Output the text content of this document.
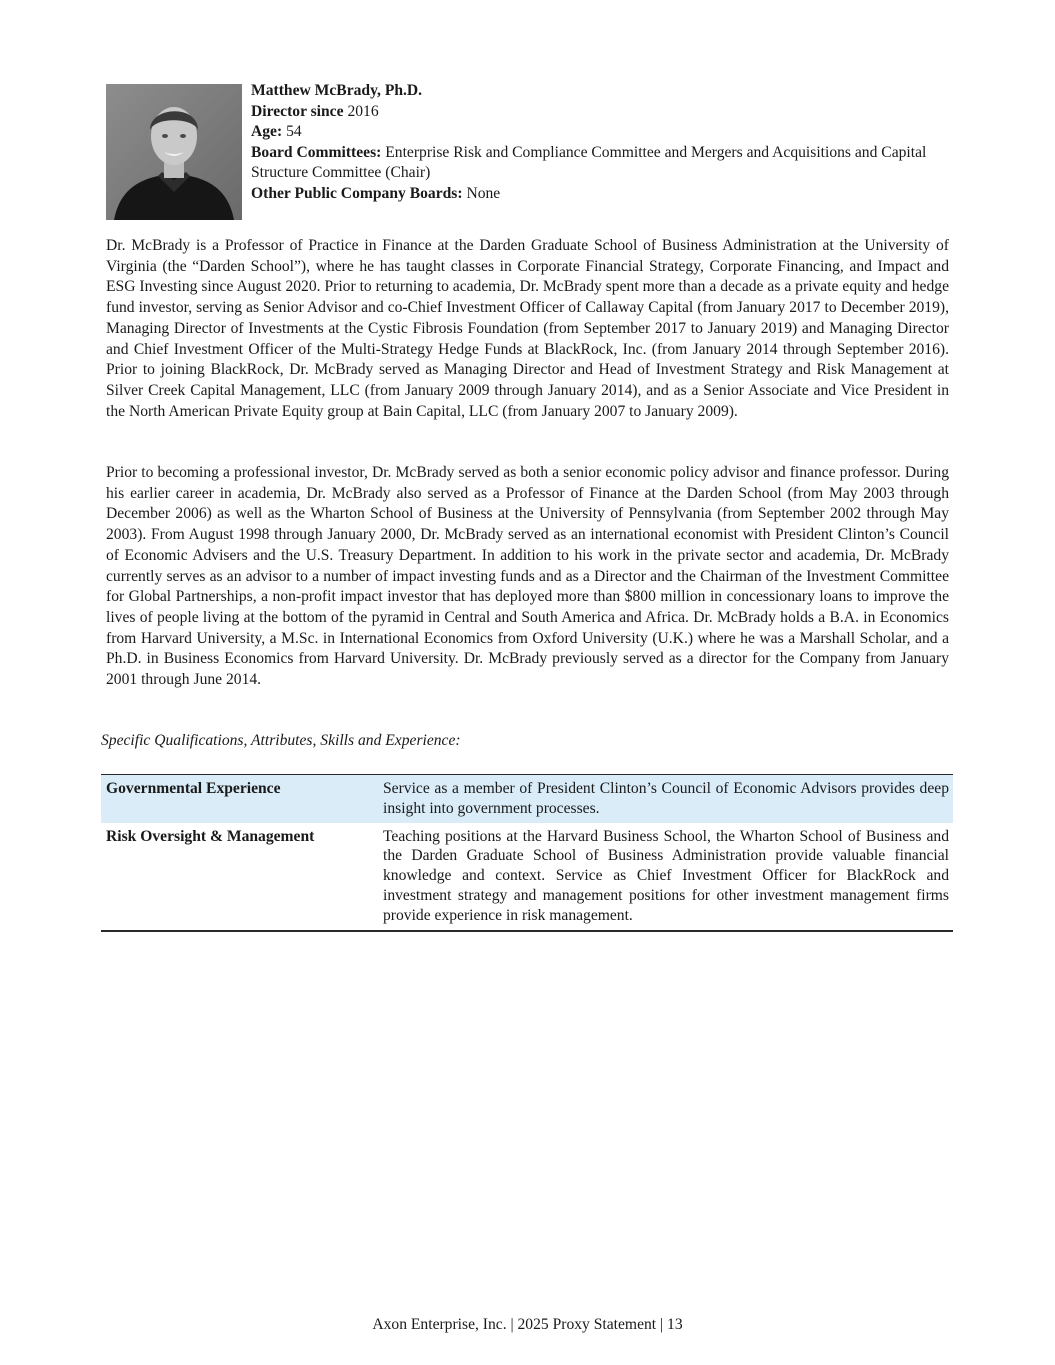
Matthew McBrady, Ph.D.
Director since 2016
Age: 54
Board Committees: Enterprise Risk and Compliance Committee and Mergers and Acquisitions and Capital Structure Committee (Chair)
Other Public Company Boards: None

Dr. McBrady is a Professor of Practice in Finance at the Darden Graduate School of Business Administration at the University of Virginia (the “Darden School”), where he has taught classes in Corporate Financial Strategy, Corporate Financing, and Impact and ESG Investing since August 2020. Prior to returning to academia, Dr. McBrady spent more than a decade as a private equity and hedge fund investor, serving as Senior Advisor and co-Chief Investment Officer of Callaway Capital (from January 2017 to December 2019), Managing Director of Investments at the Cystic Fibrosis Foundation (from September 2017 to January 2019) and Managing Director and Chief Investment Officer of the Multi-Strategy Hedge Funds at BlackRock, Inc. (from January 2014 through September 2016). Prior to joining BlackRock, Dr. McBrady served as Managing Director and Head of Investment Strategy and Risk Management at Silver Creek Capital Management, LLC (from January 2009 through January 2014), and as a Senior Associate and Vice President in the North American Private Equity group at Bain Capital, LLC (from January 2007 to January 2009).

Prior to becoming a professional investor, Dr. McBrady served as both a senior economic policy advisor and finance professor. During his earlier career in academia, Dr. McBrady also served as a Professor of Finance at the Darden School (from May 2003 through December 2006) as well as the Wharton School of Business at the University of Pennsylvania (from September 2002 through May 2003). From August 1998 through January 2000, Dr. McBrady served as an international economist with President Clinton’s Council of Economic Advisers and the U.S. Treasury Department. In addition to his work in the private sector and academia, Dr. McBrady currently serves as an advisor to a number of impact investing funds and as a Director and the Chairman of the Investment Committee for Global Partnerships, a non-profit impact investor that has deployed more than $800 million in concessionary loans to improve the lives of people living at the bottom of the pyramid in Central and South America and Africa. Dr. McBrady holds a B.A. in Economics from Harvard University, a M.Sc. in International Economics from Oxford University (U.K.) where he was a Marshall Scholar, and a Ph.D. in Business Economics from Harvard University. Dr. McBrady previously served as a director for the Company from January 2001 through June 2014.

Specific Qualifications, Attributes, Skills and Experience:
Governmental Experience	Service as a member of President Clinton’s Council of Economic Advisors provides deep insight into government processes.
Risk Oversight & Management	Teaching positions at the Harvard Business School, the Wharton School of Business and the Darden Graduate School of Business Administration provide valuable financial knowledge and context. Service as Chief Investment Officer for BlackRock and investment strategy and management positions for other investment management firms provide experience in risk management.
Axon Enterprise, Inc. | 2025 Proxy Statement | 13
